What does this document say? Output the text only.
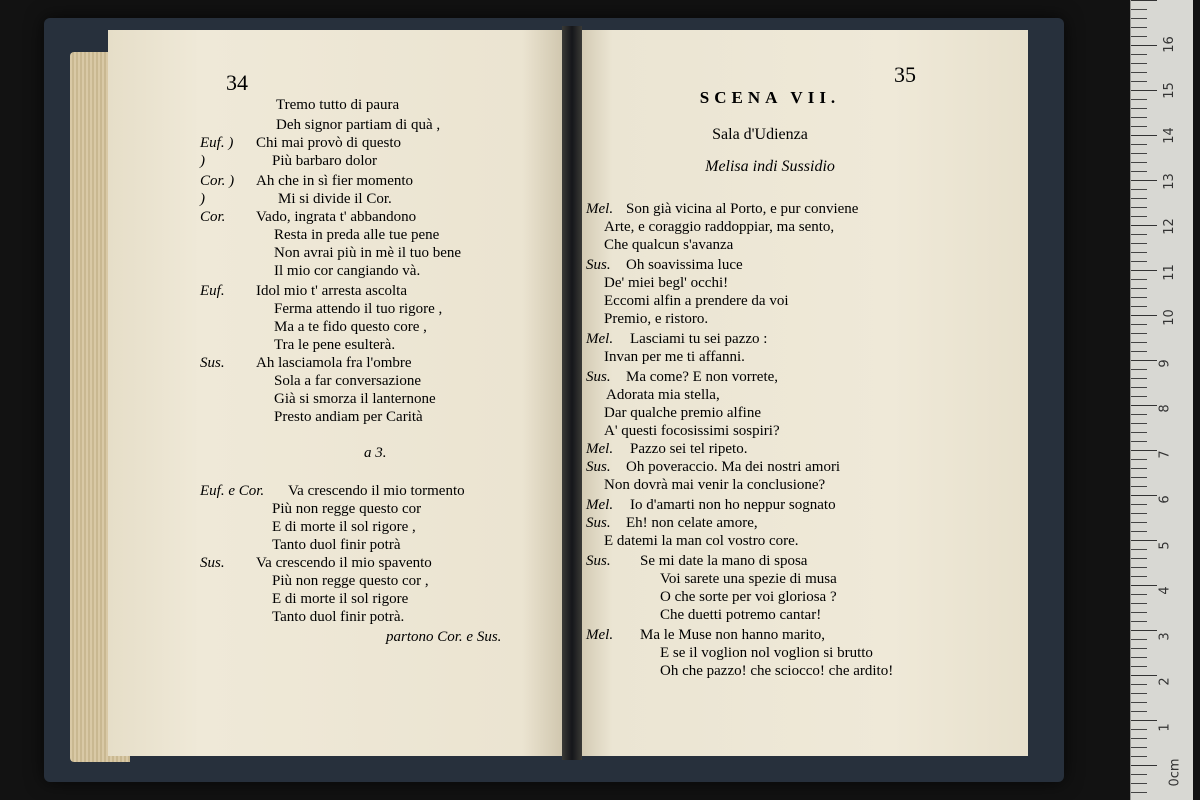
34	35
SCENA VII.
Sala d'Udienza
Melisa indi Sussidio
Tremo tutto di paura
Deh signor partiam di quà ,
Euf. ) Chi mai provò di questo
)	Più barbaro dolor
Cor. ) Ah che in sì fier momento
)	Mi si divide il Cor.
Cor. Vado, ingrata t' abbandono
Resta in preda alle tue pene
Non avrai più in mè il tuo bene
Il mio cor cangiando và.
Euf. Idol mio t' arresta ascolta
Ferma attendo il tuo rigore ,
Ma a te fido questo core ,
Tra le pene esulterà.
Sus. Ah lasciamola fra l'ombre
Sola a far conversazione
Già si smorza il lanternone
Presto andiam per Carità
a 3.
Euf. e Cor. Va crescendo il mio tormento
Più non regge questo cor
E di morte il sol rigore ,
Tanto duol finir potrà
Sus. Va crescendo il mio spavento
Più non regge questo cor ,
E di morte il sol rigore
Tanto duol finir potrà.
partono Cor. e Sus.
Mel. Son già vicina al Porto, e pur conviene
Arte, e coraggio raddoppiar, ma sento,
Che qualcun s'avanza
Sus. Oh soavissima luce
De' miei begl' occhi!
Eccomi alfin a prendere da voi
Premio, e ristoro.
Mel. Lasciami tu sei pazzo :
Invan per me ti affanni.
Sus. Ma come? E non vorrete,
Adorata mia stella,
Dar qualche premio alfine
A' questi focosissimi sospiri?
Mel. Pazzo sei tel ripeto.
Sus. Oh poveraccio. Ma dei nostri amori
Non dovrà mai venir la conclusione?
Mel. Io d'amarti non ho neppur sognato
Sus. Eh! non celate amore,
E datemi la man col vostro core.
Sus. Se mi date la mano di sposa
Voi sarete una spezie di musa
O che sorte per voi gloriosa ?
Che duetti potremo cantar!
Mel. Ma le Muse non hanno marito,
E se il voglion nol voglion si brutto
Oh che pazzo! che sciocco! che ardito!
0cm
1
2
3
4
5
6
7
8
9
10
11
12
13
14
15
16
